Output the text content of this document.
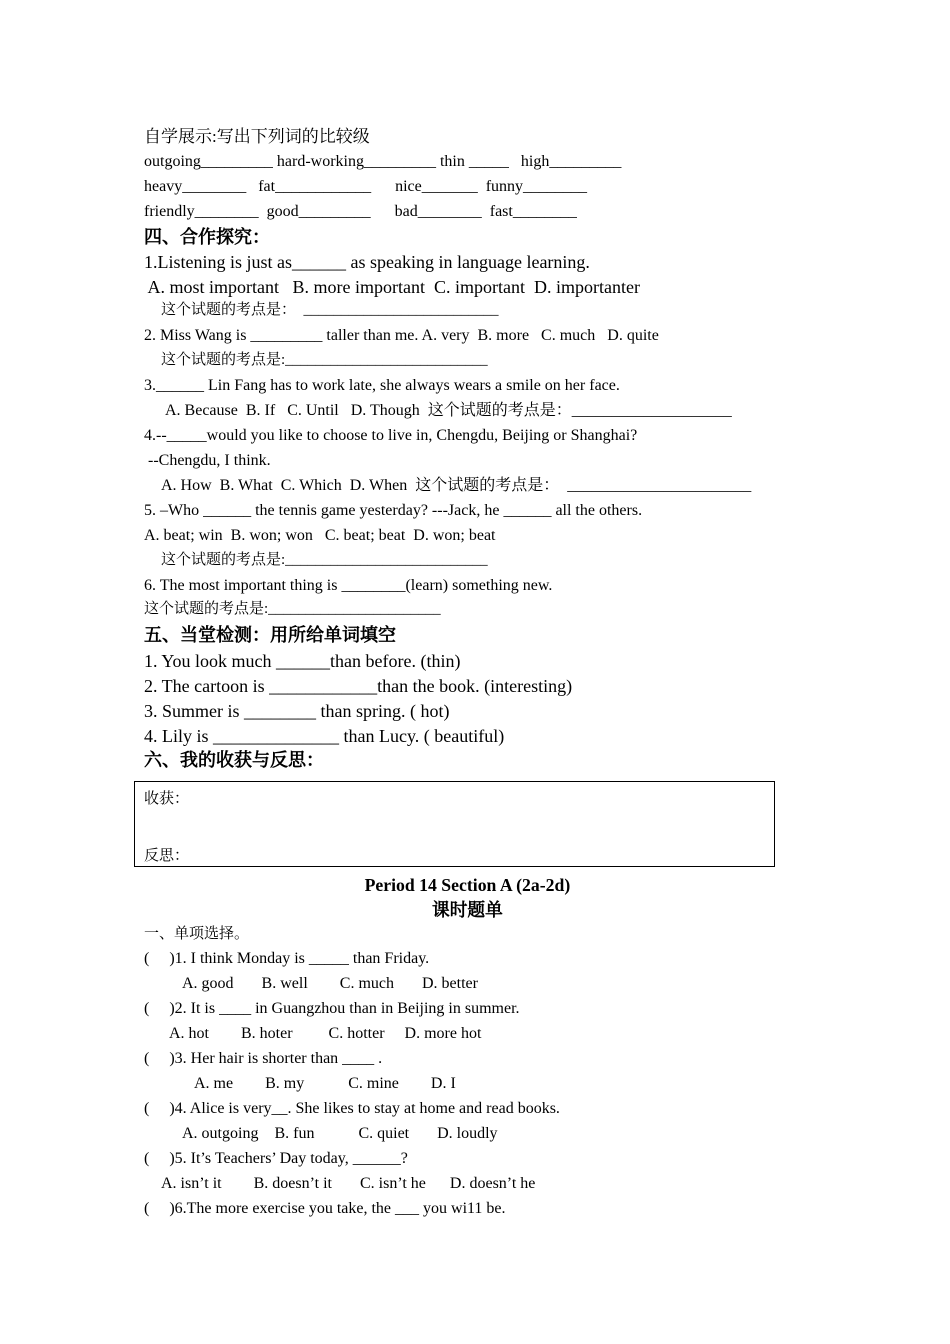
自学展示:写出下列词的比较级
outgoing_________ hard-working_________ thin _____   high_________
heavy________   fat____________      nice_______  funny________
friendly________  good_________      bad________  fast________
四、合作探究：
1.Listening is just as______ as speaking in language learning.
A. most important   B. more important  C. important  D. importanter
这个试题的考点是：  __________________________
2. Miss Wang is _________ taller than me. A. very  B. more   C. much   D. quite
这个试题的考点是:___________________________
3.______ Lin Fang has to work late, she always wears a smile on her face.
A. Because  B. If   C. Until   D. Though  这个试题的考点是：____________________
4.--_____would you like to choose to live in, Chengdu, Beijing or Shanghai?
--Chengdu, I think.
A. How  B. What  C. Which  D. When  这个试题的考点是：  _______________________
5. –Who ______ the tennis game yesterday? ---Jack, he ______ all the others.
A. beat; win  B. won; won   C. beat; beat  D. won; beat
这个试题的考点是:___________________________
6. The most important thing is ________(learn) something new.
这个试题的考点是:_______________________
五、当堂检测：用所给单词填空
1. You look much ______than before. (thin)
2. The cartoon is ____________than the book. (interesting)
3. Summer is ________ than spring. ( hot)
4. Lily is ______________ than Lucy. ( beautiful)
六、我的收获与反思：
收获：
反思：
Period 14 Section A (2a-2d)
课时题单
一、单项选择。
(     )1. I think Monday is _____ than Friday.
A. good       B. well        C. much       D. better
(     )2. It is ____ in Guangzhou than in Beijing in summer.
A. hot        B. hoter         C. hotter     D. more hot
(     )3. Her hair is shorter than ____ .
A. me        B. my           C. mine        D. I
(     )4. Alice is very__. She likes to stay at home and read books.
A. outgoing    B. fun           C. quiet       D. loudly
(     )5. It’s Teachers’ Day today, ______?
A. isn’t it        B. doesn’t it       C. isn’t he      D. doesn’t he
(     )6.The more exercise you take, the ___ you wi11 be.
